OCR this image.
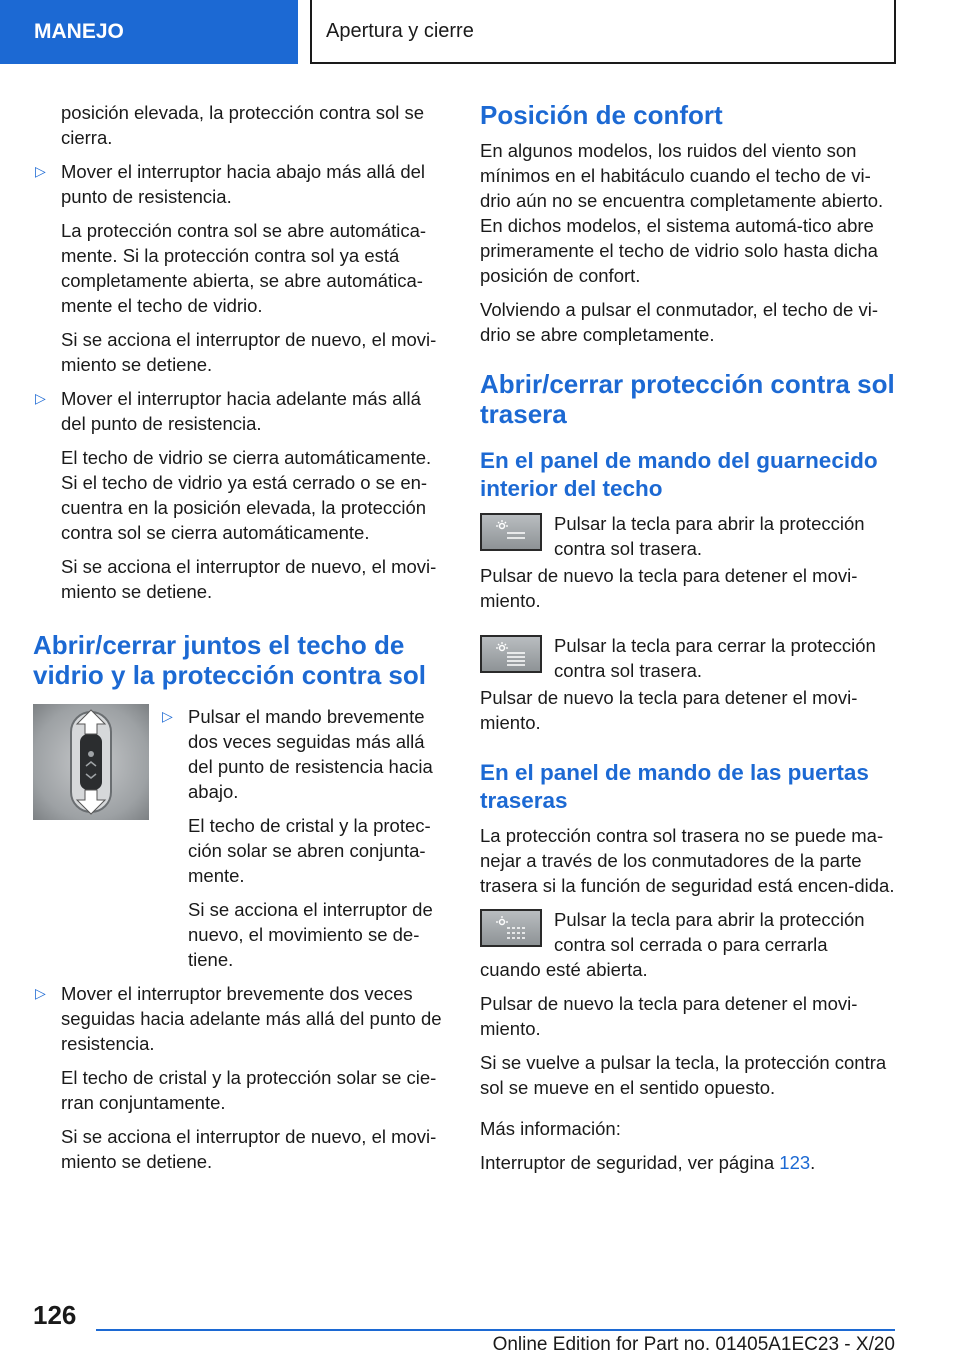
MANEJO	Apertura y cierre

posición elevada, la protección contra sol se cierra.

▷ Mover el interruptor hacia abajo más allá del punto de resistencia.

La protección contra sol se abre automática-mente. Si la protección contra sol ya está completamente abierta, se abre automática-mente el techo de vidrio.

Si se acciona el interruptor de nuevo, el movi-miento se detiene.

▷ Mover el interruptor hacia adelante más allá del punto de resistencia.

El techo de vidrio se cierra automáticamente. Si el techo de vidrio ya está cerrado o se en-cuentra en la posición elevada, la protección contra sol se cierra automáticamente.

Si se acciona el interruptor de nuevo, el movi-miento se detiene.

Abrir/cerrar juntos el techo de vidrio y la protección contra sol
▷ Pulsar el mando brevemente dos veces seguidas más allá del punto de resistencia hacia abajo.

El techo de cristal y la protec-ción solar se abren conjunta-mente.

Si se acciona el interruptor de nuevo, el movimiento se de-tiene.

▷ Mover el interruptor brevemente dos veces seguidas hacia adelante más allá del punto de resistencia.

El techo de cristal y la protección solar se cie-rran conjuntamente.

Si se acciona el interruptor de nuevo, el movi-miento se detiene.

Posición de confort

En algunos modelos, los ruidos del viento son mínimos en el habitáculo cuando el techo de vi-drio aún no se encuentra completamente abierto. En dichos modelos, el sistema automá-tico abre primeramente el techo de vidrio solo hasta dicha posición de confort.

Volviendo a pulsar el conmutador, el techo de vi-drio se abre completamente.

Abrir/cerrar protección contra sol trasera
En el panel de mando del guarnecido interior del techo
Pulsar la tecla para abrir la protección contra sol trasera.

Pulsar de nuevo la tecla para detener el movi-miento.

Pulsar la tecla para cerrar la protección contra sol trasera.

Pulsar de nuevo la tecla para detener el movi-miento.

En el panel de mando de las puertas traseras

La protección contra sol trasera no se puede ma-nejar a través de los conmutadores de la parte trasera si la función de seguridad está encen-dida.

Pulsar la tecla para abrir la protección contra sol cerrada o para cerrarla

cuando esté abierta.

Pulsar de nuevo la tecla para detener el movi-miento.

Si se vuelve a pulsar la tecla, la protección contra sol se mueve en el sentido opuesto.

Más información:

Interruptor de seguridad, ver página 123.

126
Online Edition for Part no. 01405A1EC23 - X/20
